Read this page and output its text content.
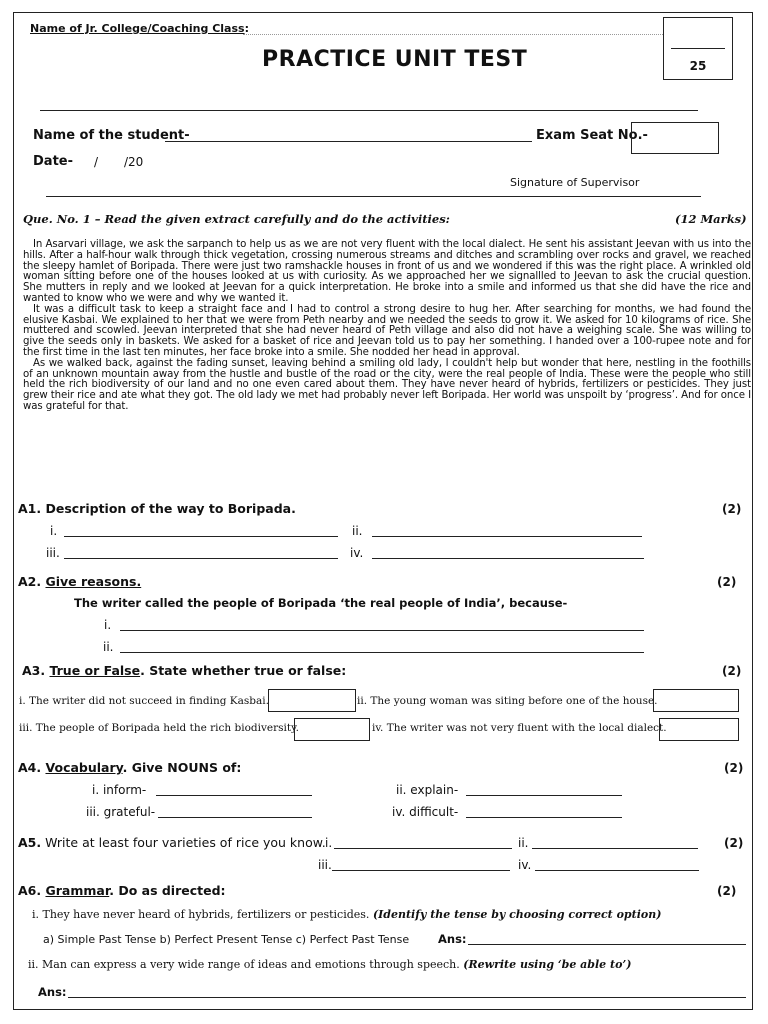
Name of Jr. College/Coaching Class:
PRACTICE UNIT TEST	25
Name of the student-	Exam Seat No.-
Date- / /20
Signature of Supervisor
Que. No. 1 – Read the given extract carefully and do the activities:	(12 Marks)

In Asarvari village, we ask the sarpanch to help us as we are not very fluent with the local dialect. He sent his assistant Jeevan with us into the hills. After a half-hour walk through thick vegetation, crossing numerous streams and ditches and scrambling over rocks and gravel, we reached the sleepy hamlet of Boripada. There were just two ramshackle houses in front of us and we wondered if this was the right place. A wrinkled old woman sitting before one of the houses looked at us with curiosity. As we approached her we signallled to Jeevan to ask the crucial question. She mutters in reply and we looked at Jeevan for a quick interpretation. He broke into a smile and informed us that she did have the rice and wanted to know who we were and why we wanted it.

It was a difficult task to keep a straight face and I had to control a strong desire to hug her. After searching for months, we had found the elusive Kasbai. We explained to her that we were from Peth nearby and we needed the seeds to grow it. We asked for 10 kilograms of rice. She muttered and scowled. Jeevan interpreted that she had never heard of Peth village and also did not have a weighing scale. She was willing to give the seeds only in baskets. We asked for a basket of rice and Jeevan told us to pay her something. I handed over a 100-rupee note and for the first time in the last ten minutes, her face broke into a smile. She nodded her head in approval.

As we walked back, against the fading sunset, leaving behind a smiling old lady, I couldn't help but wonder that here, nestling in the foothills of an unknown mountain away from the hustle and bustle of the road or the city, were the real people of India. These were the people who still held the rich biodiversity of our land and no one even cared about them. They have never heard of hybrids, fertilizers or pesticides. They just grew their rice and ate what they got. The old lady we met had probably never left Boripada. Her world was unspoilt by ‘progress’. And for once I was grateful for that.

A1. Description of the way to Boripada.	(2)
i.	ii.
iii.	iv.
A2. Give reasons.	(2)
The writer called the people of Boripada ‘the real people of India’, because-
i.
ii.
A3. True or False. State whether true or false:	(2)
i. The writer did not succeed in finding Kasbai.	ii. The young woman was siting before one of the house.
iii. The people of Boripada held the rich biodiversity.	iv. The writer was not very fluent with the local dialect.
A4. Vocabulary. Give NOUNS of:	(2)
i. inform-	ii. explain-
iii. grateful-	iv. difficult-
A5. Write at least four varieties of rice you know. i.	ii.	(2)
iii.	iv.
A6. Grammar. Do as directed:	(2)
i. They have never heard of hybrids, fertilizers or pesticides. (Identify the tense by choosing correct option)
a) Simple Past Tense b) Perfect Present Tense c) Perfect Past Tense	Ans:
ii. Man can express a very wide range of ideas and emotions through speech. (Rewrite using ‘be able to’)
Ans:
